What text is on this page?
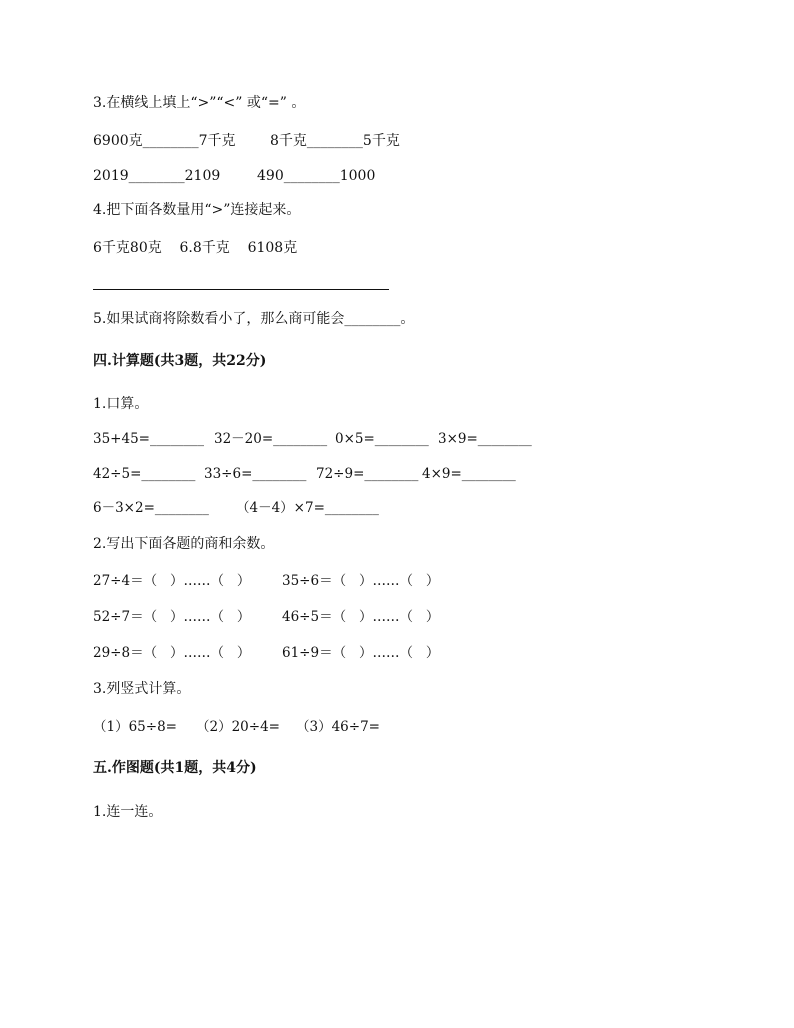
3.在横线上填上“>”“<” 或“=” 。
6900克________7千克 8千克________5千克
2019________2109	490________1000
4.把下面各数量用“>”连接起来。
6千克80克    6.8千克    6108克
5.如果试商将除数看小了，那么商可能会________。
四.计算题(共3题，共22分)
1.口算。
35+45=________ 32－20=________ 0×5=________ 3×9=________
42÷5=________ 33÷6=________ 72÷9=________ 4×9=________
6－3×2=________ （4－4）×7=________
2.写出下面各题的商和余数。
27÷4＝（   ）……（   ） 35÷6＝（   ）……（   ）
52÷7＝（   ）……（   ） 46÷5＝（   ）……（   ）
29÷8＝（   ）……（   ） 61÷9＝（   ）……（   ）
3.列竖式计算。
（1）65÷8= （2）20÷4= （3）46÷7=
五.作图题(共1题，共4分)
1.连一连。
